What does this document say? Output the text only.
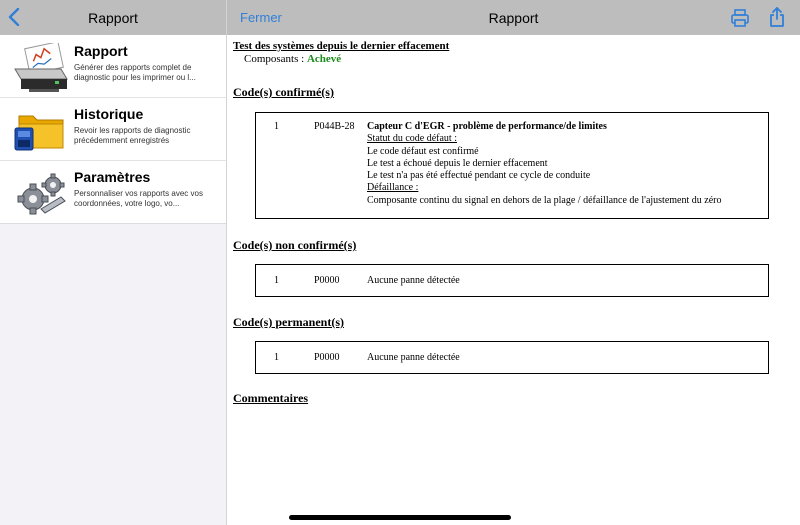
Rapport
Rapport
Générer des rapports complet de diagnostic pour les imprimer ou l...
Historique
Revoir les rapports de diagnostic précédemment enregistrés
Paramètres
Personnaliser vos rapports avec vos coordonnées, votre logo, vo...
Fermer	Rapport
Test des systèmes depuis le dernier effacement
Composants : Achevé
Code(s) confirmé(s)
1	P044B-28 Capteur C d'EGR - problème de performance/de limites
Statut du code défaut :
Le code défaut est confirmé
Le test a échoué depuis le dernier effacement
Le test n'a pas été effectué pendant ce cycle de conduite
Défaillance :
Composante continu du signal en dehors de la plage / défaillance de l'ajustement du zéro
Code(s) non confirmé(s)
1	P0000	Aucune panne détectée
Code(s) permanent(s)
1	P0000	Aucune panne détectée
Commentaires
